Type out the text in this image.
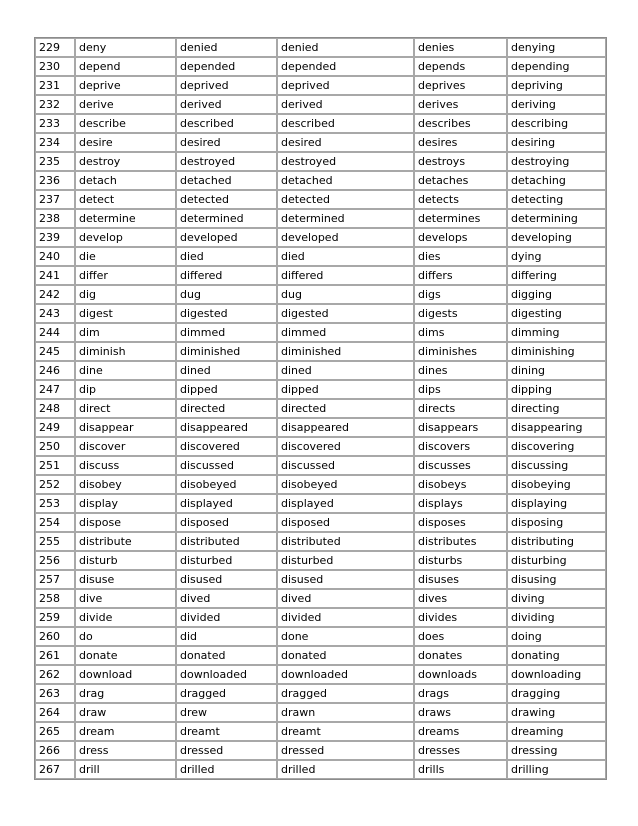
229	deny	denied	denied	denies	denying
230	depend	depended	depended	depends	depending
231	deprive	deprived	deprived	deprives	depriving
232	derive	derived	derived	derives	deriving
233	describe	described	described	describes	describing
234	desire	desired	desired	desires	desiring
235	destroy	destroyed	destroyed	destroys	destroying
236	detach	detached	detached	detaches	detaching
237	detect	detected	detected	detects	detecting
238	determine	determined	determined	determines	determining
239	develop	developed	developed	develops	developing
240	die	died	died	dies	dying
241	differ	differed	differed	differs	differing
242	dig	dug	dug	digs	digging
243	digest	digested	digested	digests	digesting
244	dim	dimmed	dimmed	dims	dimming
245	diminish	diminished	diminished	diminishes	diminishing
246	dine	dined	dined	dines	dining
247	dip	dipped	dipped	dips	dipping
248	direct	directed	directed	directs	directing
249	disappear	disappeared	disappeared	disappears	disappearing
250	discover	discovered	discovered	discovers	discovering
251	discuss	discussed	discussed	discusses	discussing
252	disobey	disobeyed	disobeyed	disobeys	disobeying
253	display	displayed	displayed	displays	displaying
254	dispose	disposed	disposed	disposes	disposing
255	distribute	distributed	distributed	distributes	distributing
256	disturb	disturbed	disturbed	disturbs	disturbing
257	disuse	disused	disused	disuses	disusing
258	dive	dived	dived	dives	diving
259	divide	divided	divided	divides	dividing
260	do	did	done	does	doing
261	donate	donated	donated	donates	donating
262	download	downloaded	downloaded	downloads	downloading
263	drag	dragged	dragged	drags	dragging
264	draw	drew	drawn	draws	drawing
265	dream	dreamt	dreamt	dreams	dreaming
266	dress	dressed	dressed	dresses	dressing
267	drill	drilled	drilled	drills	drilling
